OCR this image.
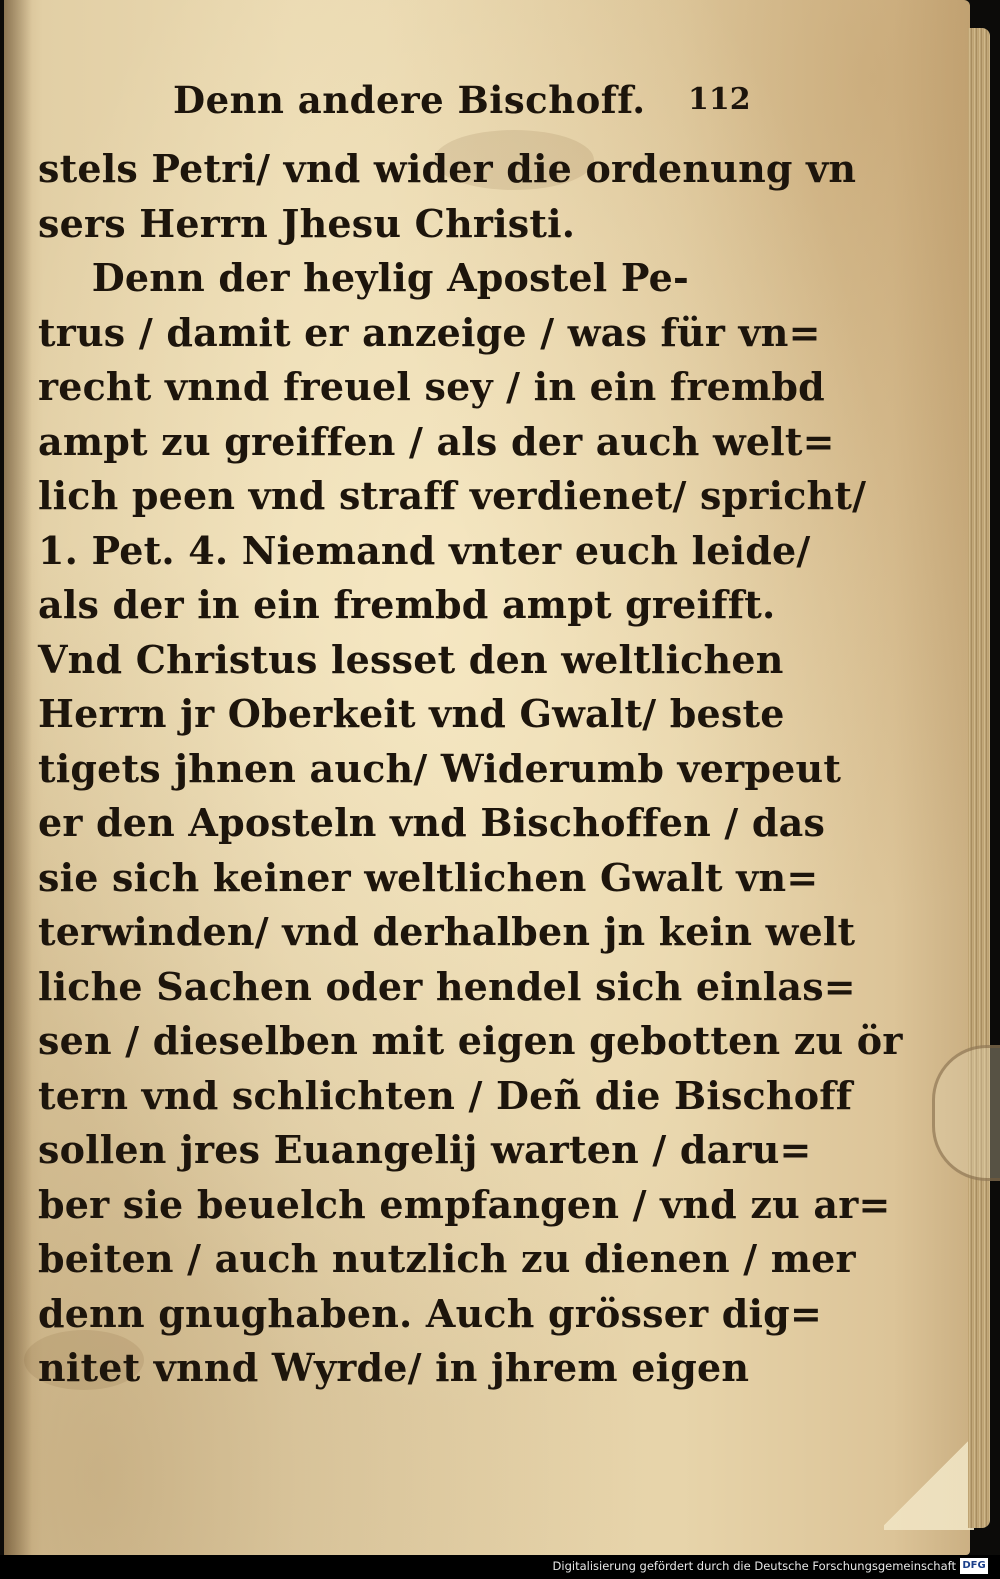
Denn andere Bischoff. 112
stels Petri/ vnd wider die ordenung vn
sers Herrn Jhesu Christi.
Denn der heylig Apostel Pe-
trus / damit er anzeige / was für vn=
recht vnnd freuel sey / in ein frembd
ampt zu greiffen / als der auch welt=
lich peen vnd straff verdienet/ spricht/
1. Pet. 4. Niemand vnter euch leide/
als der in ein frembd ampt greifft.
Vnd Christus lesset den weltlichen
Herrn jr Oberkeit vnd Gwalt/ beste
tigets jhnen auch/ Widerumb verpeut
er den Aposteln vnd Bischoffen / das
sie sich keiner weltlichen Gwalt vn=
terwinden/ vnd derhalben jn kein welt
liche Sachen oder hendel sich einlas=
sen / dieselben mit eigen gebotten zu ör
tern vnd schlichten / Deñ die Bischoff
sollen jres Euangelij warten / daru=
ber sie beuelch empfangen / vnd zu ar=
beiten / auch nutzlich zu dienen / mer
denn gnughaben. Auch grösser dig=
nitet vnnd Wyrde/ in jhrem eigen
Digitalisierung gefördert durch die Deutsche Forschungsgemeinschaft DFG
